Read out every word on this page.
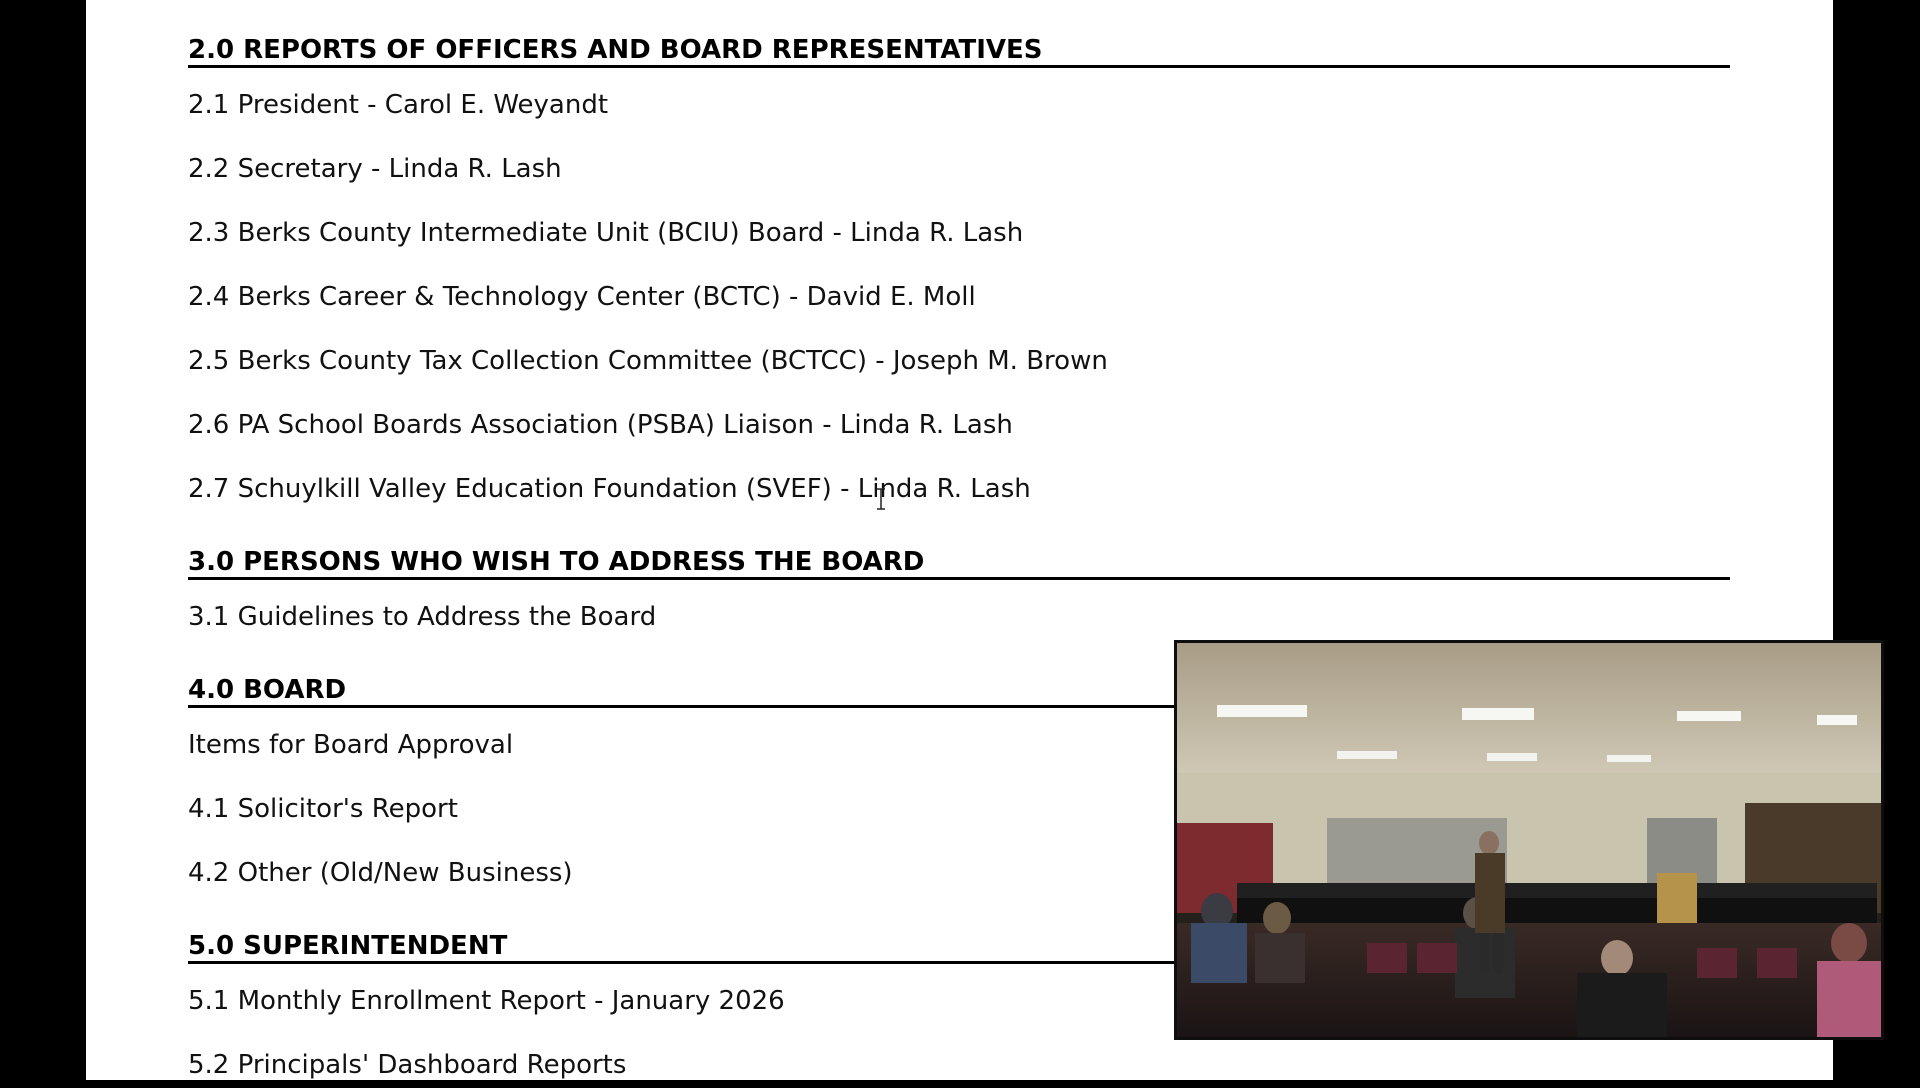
2.0 REPORTS OF OFFICERS AND BOARD REPRESENTATIVES
2.1 President - Carol E. Weyandt
2.2 Secretary - Linda R. Lash
2.3 Berks County Intermediate Unit (BCIU) Board - Linda R. Lash
2.4 Berks Career & Technology Center (BCTC) - David E. Moll
2.5 Berks County Tax Collection Committee (BCTCC) - Joseph M. Brown
2.6 PA School Boards Association (PSBA) Liaison - Linda R. Lash
2.7 Schuylkill Valley Education Foundation (SVEF) - Linda R. Lash
3.0 PERSONS WHO WISH TO ADDRESS THE BOARD
3.1 Guidelines to Address the Board
4.0 BOARD
Items for Board Approval
4.1 Solicitor's Report
4.2 Other (Old/New Business)
5.0 SUPERINTENDENT
5.1 Monthly Enrollment Report - January 2026
5.2 Principals' Dashboard Reports
